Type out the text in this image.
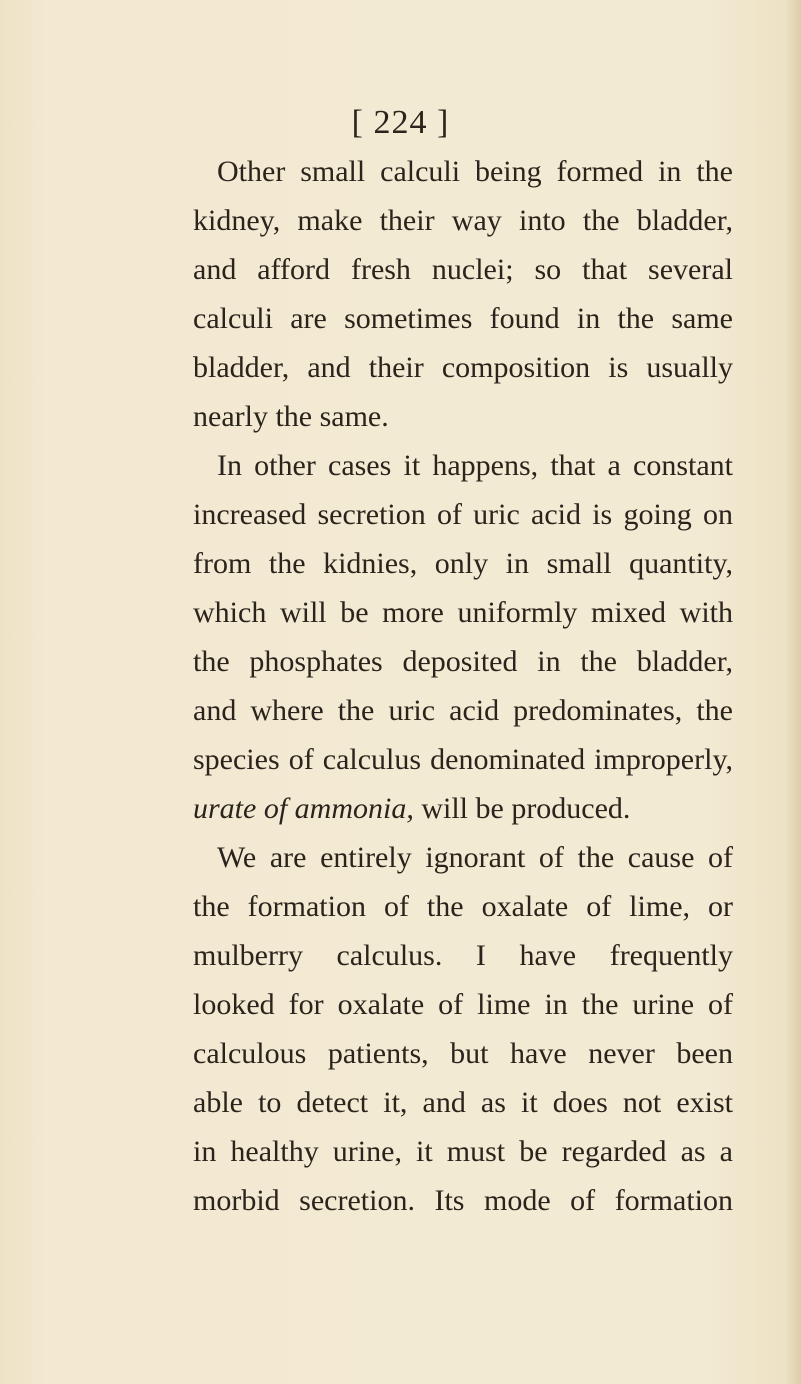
[ 224 ]
Other small calculi being formed in the
kidney, make their way into the bladder,
and afford fresh nuclei; so that several
calculi are sometimes found in the same
bladder, and their composition is usually
nearly the same.
In other cases it happens, that a constant
increased secretion of uric acid is going on
from the kidnies, only in small quantity,
which will be more uniformly mixed with
the phosphates deposited in the bladder,
and where the uric acid predominates, the
species of calculus denominated improperly,
urate of ammonia, will be produced.
We are entirely ignorant of the cause of
the formation of the oxalate of lime, or
mulberry calculus. I have frequently
looked for oxalate of lime in the urine of
calculous patients, but have never been
able to detect it, and as it does not exist
in healthy urine, it must be regarded as a
morbid secretion. Its mode of formation
